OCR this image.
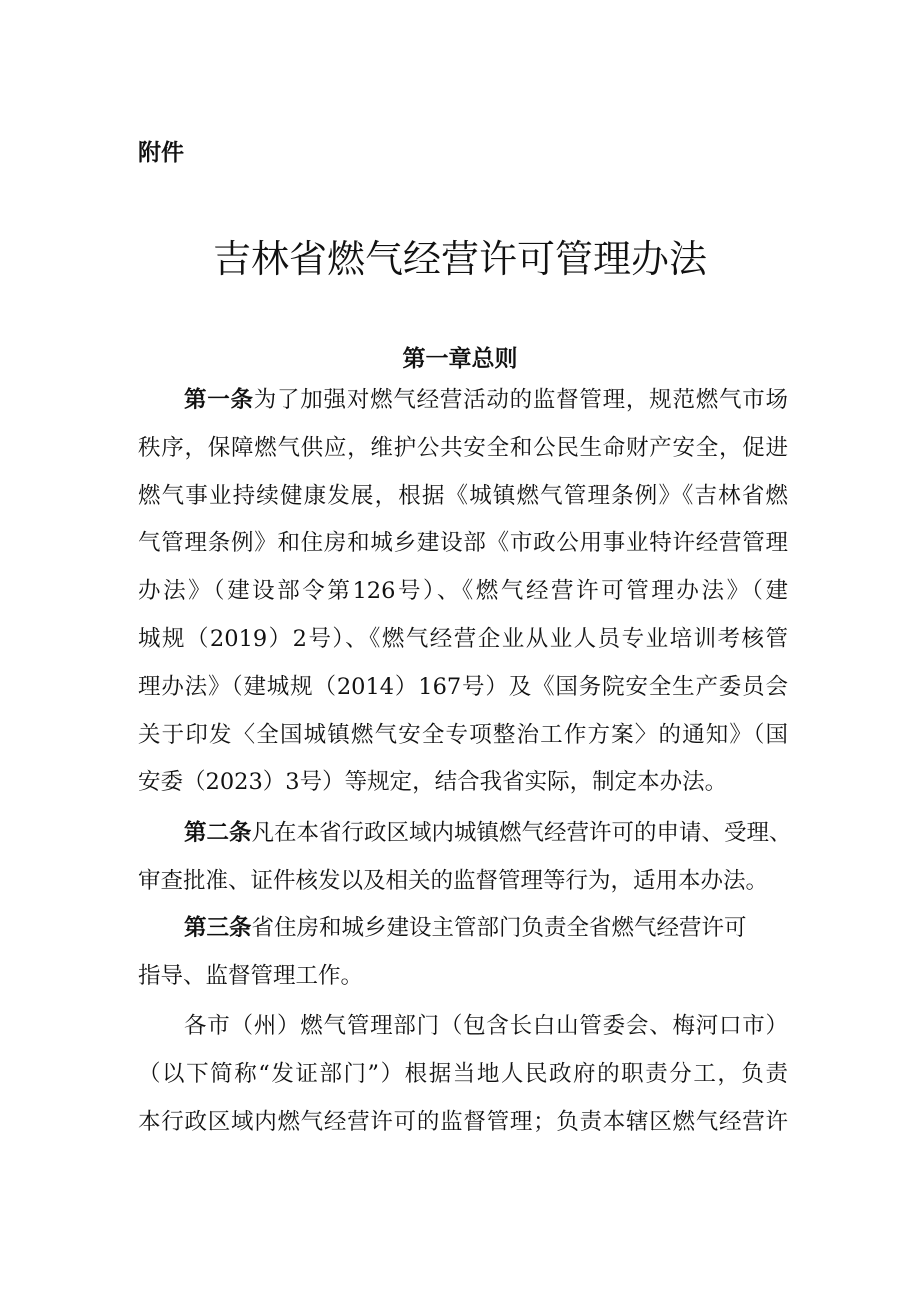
附件
吉林省燃气经营许可管理办法
第一章总则
第一条为了加强对燃气经营活动的监督管理，规范燃气市场
秩序，保障燃气供应，维护公共安全和公民生命财产安全，促进
燃气事业持续健康发展，根据《城镇燃气管理条例》《吉林省燃
气管理条例》和住房和城乡建设部《市政公用事业特许经营管理
办法》（建设部令第126号）、《燃气经营许可管理办法》（建
城规（2019）2号）、《燃气经营企业从业人员专业培训考核管
理办法》（建城规（2014）167号）及《国务院安全生产委员会
关于印发〈全国城镇燃气安全专项整治工作方案〉的通知》（国
安委（2023）3号）等规定，结合我省实际，制定本办法。
第二条凡在本省行政区域内城镇燃气经营许可的申请、受理、
审查批准、证件核发以及相关的监督管理等行为，适用本办法。
第三条省住房和城乡建设主管部门负责全省燃气经营许可
指导、监督管理工作。
各市（州）燃气管理部门（包含长白山管委会、梅河口市）
（以下简称“发证部门”）根据当地人民政府的职责分工，负责
本行政区域内燃气经营许可的监督管理；负责本辖区燃气经营许
